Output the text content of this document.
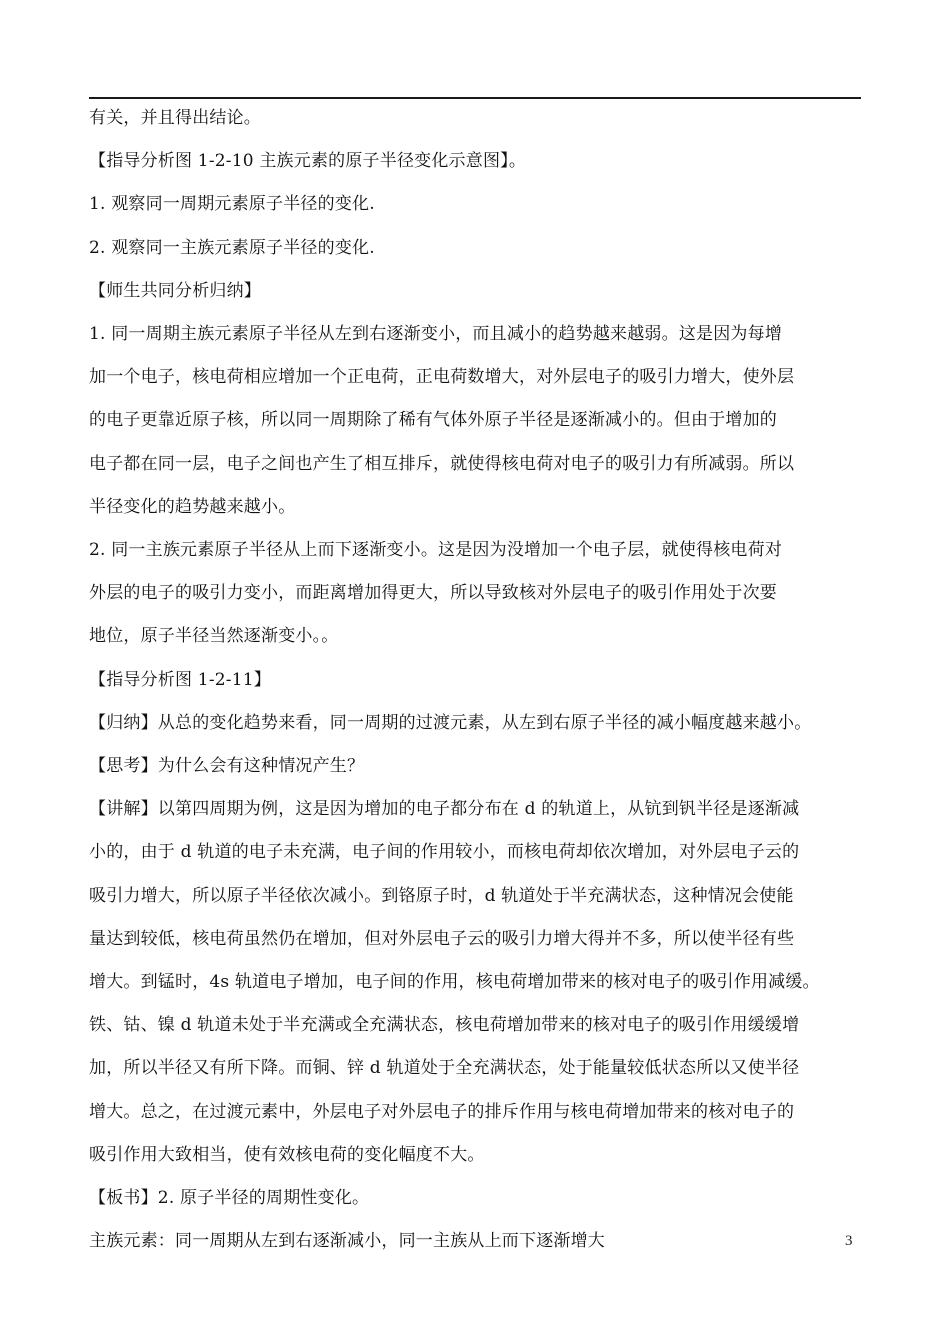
有关，并且得出结论。
【指导分析图 1-2-10 主族元素的原子半径变化示意图】。
1. 观察同一周期元素原子半径的变化.
2. 观察同一主族元素原子半径的变化.
【师生共同分析归纳】
1. 同一周期主族元素原子半径从左到右逐渐变小，而且减小的趋势越来越弱。这是因为每增
加一个电子，核电荷相应增加一个正电荷，正电荷数增大，对外层电子的吸引力增大，使外层
的电子更靠近原子核，所以同一周期除了稀有气体外原子半径是逐渐减小的。但由于增加的
电子都在同一层，电子之间也产生了相互排斥，就使得核电荷对电子的吸引力有所减弱。所以
半径变化的趋势越来越小。
2. 同一主族元素原子半径从上而下逐渐变小。这是因为没增加一个电子层，就使得核电荷对
外层的电子的吸引力变小，而距离增加得更大，所以导致核对外层电子的吸引作用处于次要
地位，原子半径当然逐渐变小。。
【指导分析图 1-2-11】
【归纳】从总的变化趋势来看，同一周期的过渡元素，从左到右原子半径的减小幅度越来越小。
【思考】为什么会有这种情况产生？
【讲解】以第四周期为例，这是因为增加的电子都分布在 d 的轨道上，从钪到钒半径是逐渐减
小的，由于 d 轨道的电子未充满，电子间的作用较小，而核电荷却依次增加，对外层电子云的
吸引力增大，所以原子半径依次减小。到铬原子时，d 轨道处于半充满状态，这种情况会使能
量达到较低，核电荷虽然仍在增加，但对外层电子云的吸引力增大得并不多，所以使半径有些
增大。到锰时，4s 轨道电子增加，电子间的作用，核电荷增加带来的核对电子的吸引作用减缓。
铁、钴、镍 d 轨道未处于半充满或全充满状态，核电荷增加带来的核对电子的吸引作用缓缓增
加，所以半径又有所下降。而铜、锌 d 轨道处于全充满状态，处于能量较低状态所以又使半径
增大。总之，在过渡元素中，外层电子对外层电子的排斥作用与核电荷增加带来的核对电子的
吸引作用大致相当，使有效核电荷的变化幅度不大。
【板书】2. 原子半径的周期性变化。
主族元素：同一周期从左到右逐渐减小，同一主族从上而下逐渐增大	3
